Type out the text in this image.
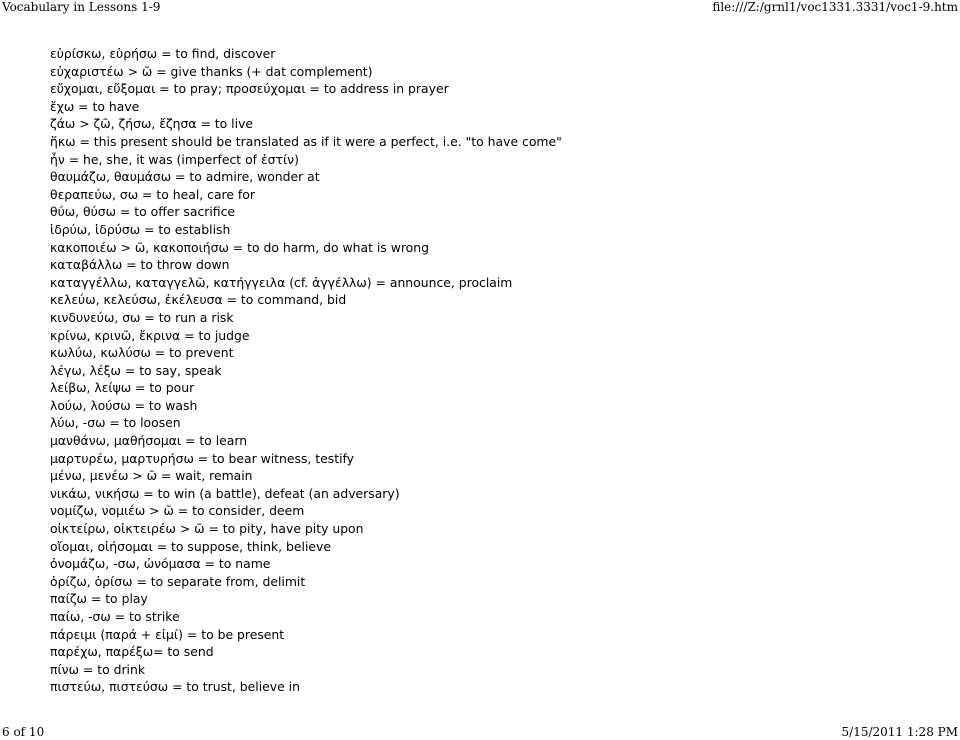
Vocabulary in Lessons 1-9	file:///Z:/grnl1/voc1331.3331/voc1-9.htm
εὑρίσκω, εὑρήσω = to find, discover
εὐχαριστέω > ῶ = give thanks (+ dat complement)
εὔχομαι, εὔξομαι = to pray; προσεύχομαι = to address in prayer
ἔχω = to have
ζάω > ζῶ, ζήσω, ἔζησα = to live
ἥκω = this present should be translated as if it were a perfect, i.e. "to have come"
ἦν = he, she, it was (imperfect of ἐστίν)
θαυμάζω, θαυμάσω = to admire, wonder at
θεραπεύω, σω = to heal, care for
θύω, θύσω = to offer sacrifice
ἱδρύω, ἱδρύσω = to establish
κακοποιέω > ῶ, κακοποιήσω = to do harm, do what is wrong
καταβάλλω = to throw down
καταγγέλλω, καταγγελῶ, κατήγγειλα (cf. ἀγγέλλω) = announce, proclaim
κελεύω, κελεύσω, ἐκέλευσα = to command, bid
κινδυνεύω, σω = to run a risk
κρίνω, κρινῶ, ἔκρινα = to judge
κωλύω, κωλύσω = to prevent
λέγω, λέξω = to say, speak
λείβω, λείψω = to pour
λούω, λούσω = to wash
λύω, -σω = to loosen
μανθάνω, μαθήσομαι = to learn
μαρτυρέω, μαρτυρήσω = to bear witness, testify
μένω, μενέω > ῶ = wait, remain
νικάω, νικήσω = to win (a battle), defeat (an adversary)
νομίζω, νομιέω > ῶ = to consider, deem
οἰκτείρω, οἰκτειρέω > ῶ = to pity, have pity upon
οἴομαι, οἰήσομαι = to suppose, think, believe
ὀνομάζω, -σω, ὠνόμασα = to name
ὁρίζω, ὁρίσω = to separate from, delimit
παίζω = to play
παίω, -σω = to strike
πάρειμι (παρά + εἰμί) = to be present
παρέχω, παρέξω= to send
πίνω = to drink
πιστεύω, πιστεύσω = to trust, believe in
6 of 10	5/15/2011 1:28 PM
